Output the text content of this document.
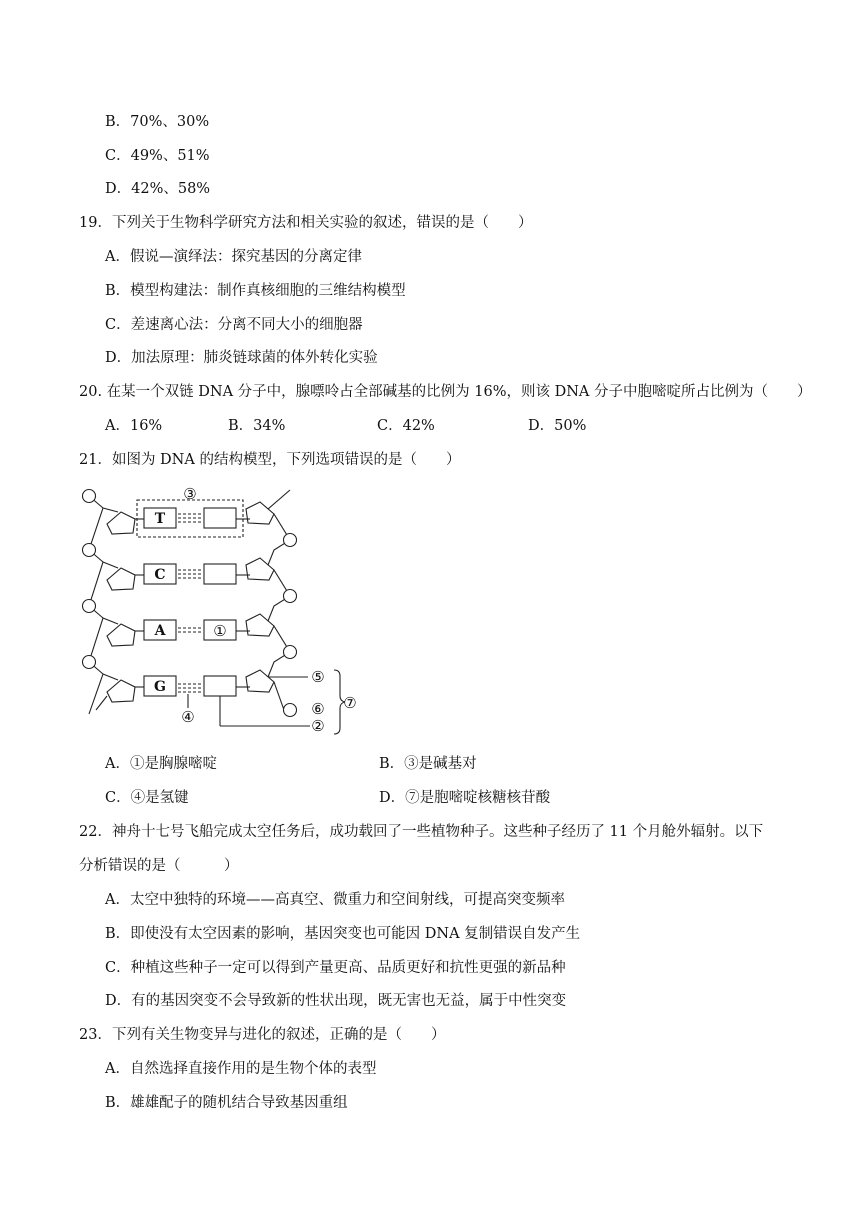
B．70%、30%
C．49%、51%
D．42%、58%
19．下列关于生物科学研究方法和相关实验的叙述，错误的是（　　）
A．假说—演绎法：探究基因的分离定律
B．模型构建法：制作真核细胞的三维结构模型
C．差速离心法：分离不同大小的细胞器
D．加法原理：肺炎链球菌的体外转化实验
20. 在某一个双链 DNA 分子中，腺嘌呤占全部碱基的比例为 16%，则该 DNA 分子中胞嘧啶所占比例为（　　）
A．16%	B．34%	C．42%	D．50%
21．如图为 DNA 的结构模型，下列选项错误的是（　　）
T
C
A
G
③
①
④
⑤
⑥
②
⑦
A．①是胸腺嘧啶	B．③是碱基对
C．④是氢键	D．⑦是胞嘧啶核糖核苷酸
22．神舟十七号飞船完成太空任务后，成功载回了一些植物种子。这些种子经历了 11 个月舱外辐射。以下
分析错误的是（　　　）
A．太空中独特的环境——高真空、微重力和空间射线，可提高突变频率
B．即使没有太空因素的影响，基因突变也可能因 DNA 复制错误自发产生
C．种植这些种子一定可以得到产量更高、品质更好和抗性更强的新品种
D．有的基因突变不会导致新的性状出现，既无害也无益，属于中性突变
23．下列有关生物变异与进化的叙述，正确的是（　　）
A．自然选择直接作用的是生物个体的表型
B．雄雄配子的随机结合导致基因重组
